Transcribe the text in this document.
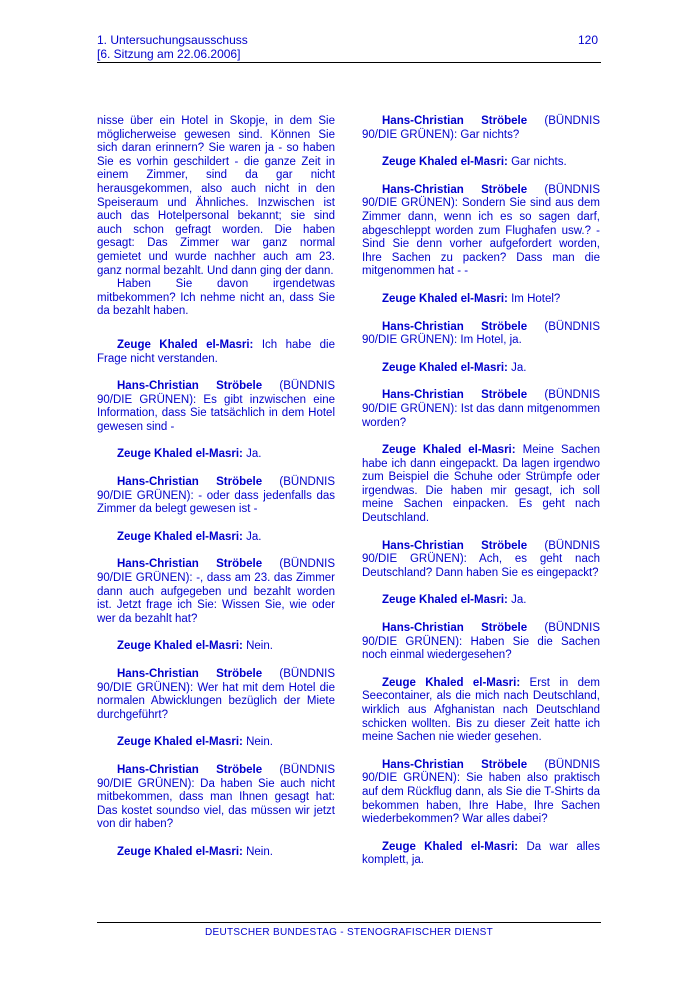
1. Untersuchungsausschuss
[6. Sitzung am 22.06.2006]
120

nisse über ein Hotel in Skopje, in dem Sie möglicherweise gewesen sind. Können Sie sich daran erinnern? Sie waren ja - so haben Sie es vorhin geschildert - die ganze Zeit in einem Zimmer, sind da gar nicht herausgekommen, also auch nicht in den Speiseraum und Ähnliches. Inzwischen ist auch das Hotelpersonal bekannt; sie sind auch schon gefragt worden. Die haben gesagt: Das Zimmer war ganz normal gemietet und wurde nachher auch am 23. ganz normal bezahlt. Und dann ging der dann.

Haben Sie davon irgendetwas mitbekommen? Ich nehme nicht an, dass Sie da bezahlt haben.

Zeuge Khaled el-Masri: Ich habe die Frage nicht verstanden.

Hans-Christian Ströbele (BÜNDNIS 90/DIE GRÜNEN): Es gibt inzwischen eine Information, dass Sie tatsächlich in dem Hotel gewesen sind -

Zeuge Khaled el-Masri: Ja.

Hans-Christian Ströbele (BÜNDNIS 90/DIE GRÜNEN): - oder dass jedenfalls das Zimmer da belegt gewesen ist -

Zeuge Khaled el-Masri: Ja.

Hans-Christian Ströbele (BÜNDNIS 90/DIE GRÜNEN): -, dass am 23. das Zimmer dann auch aufgegeben und bezahlt worden ist. Jetzt frage ich Sie: Wissen Sie, wie oder wer da bezahlt hat?

Zeuge Khaled el-Masri: Nein.

Hans-Christian Ströbele (BÜNDNIS 90/DIE GRÜNEN): Wer hat mit dem Hotel die normalen Abwicklungen bezüglich der Miete durchgeführt?

Zeuge Khaled el-Masri: Nein.

Hans-Christian Ströbele (BÜNDNIS 90/DIE GRÜNEN): Da haben Sie auch nicht mitbekommen, dass man Ihnen gesagt hat: Das kostet soundso viel, das müssen wir jetzt von dir haben?

Zeuge Khaled el-Masri: Nein.

Hans-Christian Ströbele (BÜNDNIS 90/DIE GRÜNEN): Gar nichts?

Zeuge Khaled el-Masri: Gar nichts.

Hans-Christian Ströbele (BÜNDNIS 90/DIE GRÜNEN): Sondern Sie sind aus dem Zimmer dann, wenn ich es so sagen darf, abgeschleppt worden zum Flughafen usw.? - Sind Sie denn vorher aufgefordert worden, Ihre Sachen zu packen? Dass man die mitgenommen hat - -

Zeuge Khaled el-Masri: Im Hotel?

Hans-Christian Ströbele (BÜNDNIS 90/DIE GRÜNEN): Im Hotel, ja.

Zeuge Khaled el-Masri: Ja.

Hans-Christian Ströbele (BÜNDNIS 90/DIE GRÜNEN): Ist das dann mitgenommen worden?

Zeuge Khaled el-Masri: Meine Sachen habe ich dann eingepackt. Da lagen irgendwo zum Beispiel die Schuhe oder Strümpfe oder irgendwas. Die haben mir gesagt, ich soll meine Sachen einpacken. Es geht nach Deutschland.

Hans-Christian Ströbele (BÜNDNIS 90/DIE GRÜNEN): Ach, es geht nach Deutschland? Dann haben Sie es eingepackt?

Zeuge Khaled el-Masri: Ja.

Hans-Christian Ströbele (BÜNDNIS 90/DIE GRÜNEN): Haben Sie die Sachen noch einmal wiedergesehen?

Zeuge Khaled el-Masri: Erst in dem Seecontainer, als die mich nach Deutschland, wirklich aus Afghanistan nach Deutschland schicken wollten. Bis zu dieser Zeit hatte ich meine Sachen nie wieder gesehen.

Hans-Christian Ströbele (BÜNDNIS 90/DIE GRÜNEN): Sie haben also praktisch auf dem Rückflug dann, als Sie die T-Shirts da bekommen haben, Ihre Habe, Ihre Sachen wiederbekommen? War alles dabei?

Zeuge Khaled el-Masri: Da war alles komplett, ja.

DEUTSCHER BUNDESTAG - STENOGRAFISCHER DIENST
